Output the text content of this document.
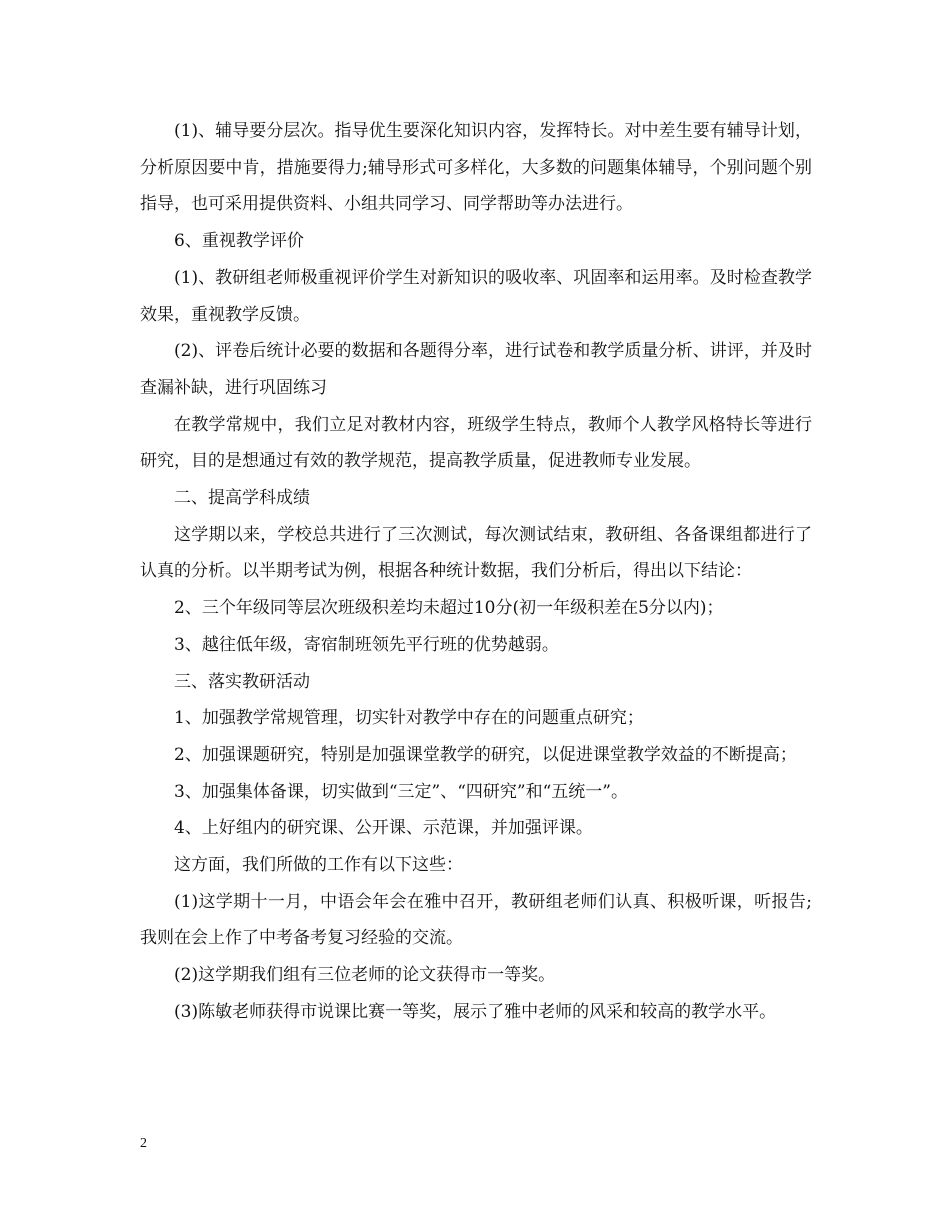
(1)、辅导要分层次。指导优生要深化知识内容，发挥特长。对中差生要有辅导计划，分析原因要中肯，措施要得力;辅导形式可多样化，大多数的问题集体辅导，个别问题个别指导，也可采用提供资料、小组共同学习、同学帮助等办法进行。

6、重视教学评价

(1)、教研组老师极重视评价学生对新知识的吸收率、巩固率和运用率。及时检查教学效果，重视教学反馈。

(2)、评卷后统计必要的数据和各题得分率，进行试卷和教学质量分析、讲评，并及时查漏补缺，进行巩固练习

在教学常规中，我们立足对教材内容，班级学生特点，教师个人教学风格特长等进行研究，目的是想通过有效的教学规范，提高教学质量，促进教师专业发展。

二、提高学科成绩

这学期以来，学校总共进行了三次测试，每次测试结束，教研组、各备课组都进行了认真的分析。以半期考试为例，根据各种统计数据，我们分析后，得出以下结论：

2、三个年级同等层次班级积差均未超过10分(初一年级积差在5分以内)；

3、越往低年级，寄宿制班领先平行班的优势越弱。

三、落实教研活动

1、加强教学常规管理，切实针对教学中存在的问题重点研究；

2、加强课题研究，特别是加强课堂教学的研究，以促进课堂教学效益的不断提高；

3、加强集体备课，切实做到“三定”、“四研究”和“五统一”。

4、上好组内的研究课、公开课、示范课，并加强评课。

这方面，我们所做的工作有以下这些：

(1)这学期十一月，中语会年会在雅中召开，教研组老师们认真、积极听课，听报告;我则在会上作了中考备考复习经验的交流。

(2)这学期我们组有三位老师的论文获得市一等奖。

(3)陈敏老师获得市说课比赛一等奖，展示了雅中老师的风采和较高的教学水平。

2
